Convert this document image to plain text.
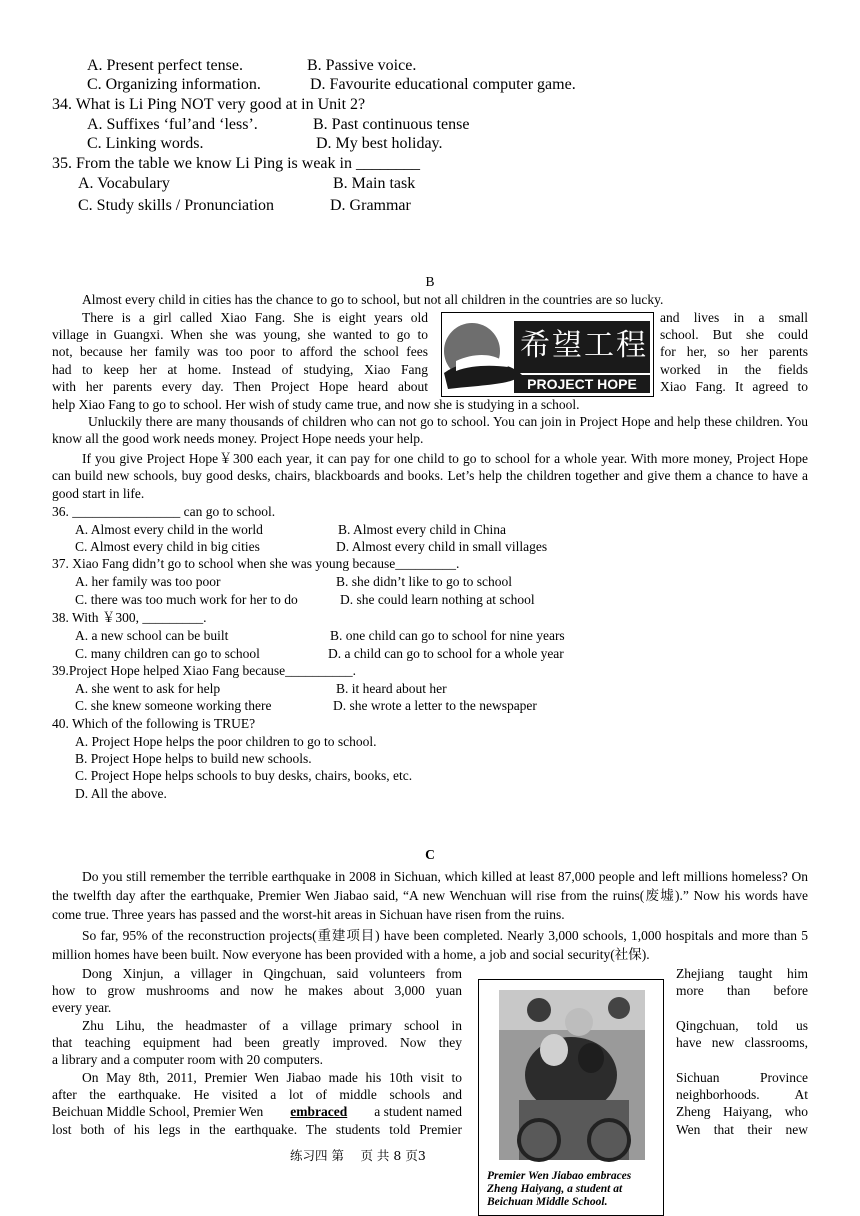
A. Present perfect tense.	B. Passive voice.
C. Organizing information.	D. Favourite educational computer game.
34. What is Li Ping NOT very good at in Unit 2?
A. Suffixes ‘ful’and ‘less’.	B. Past continuous tense
C. Linking words.	D. My best holiday.
35. From the table we know Li Ping is weak in ________
A. Vocabulary	B. Main task
C. Study skills / Pronunciation	D. Grammar
B
Almost every child in cities has the chance to go to school, but not all children in the countries are so lucky.
There is a girl called Xiao Fang. She is eight years old
village in Guangxi. When she was young, she wanted to go to
not, because her family was too poor to afford the school fees
had to keep her at home. Instead of studying, Xiao Fang
with her parents every day. Then Project Hope heard about
and lives in a small
school. But she could
for her, so her parents
worked in the fields
Xiao Fang. It agreed to
help Xiao Fang to go to school. Her wish of study came true, and now she is studying in a school.
希望工程
PROJECT HOPE
Unluckily there are many thousands of children who can not go to school. You can join in Project Hope and help these children. You know all the good work needs money. Project Hope needs your help.
If you give Project Hope￥300 each year, it can pay for one child to go to school for a whole year. With more money, Project Hope can build new schools, buy good desks, chairs, blackboards and books. Let’s help the children together and give them a chance to have a good start in life.
36. ________________ can go to school.
A. Almost every child in the world	B. Almost every child in China
C. Almost every child in big cities	D. Almost every child in small villages
37. Xiao Fang didn’t go to school when she was young because_________.
A. her family was too poor	B. she didn’t like to go to school
C. there was too much work for her to do	D. she could learn nothing at school
38. With ￥300, _________.
A. a new school can be built	B. one child can go to school for nine years
C. many children can go to school	D. a child can go to school for a whole year
39.Project Hope helped Xiao Fang because__________.
A. she went to ask for help	B. it heard about her
C. she knew someone working there	D. she wrote a letter to the newspaper
40. Which of the following is TRUE?
A. Project Hope helps the poor children to go to school.
B. Project Hope helps to build new schools.
C. Project Hope helps schools to buy desks, chairs, books, etc.
D. All the above.
C
Do you still remember the terrible earthquake in 2008 in Sichuan, which killed at least 87,000 people and left millions homeless? On the twelfth day after the earthquake, Premier Wen Jiabao said, “A new Wenchuan will rise from the ruins(废墟).” Now his words have come true. Three years has passed and the worst-hit areas in Sichuan have risen from the ruins.
So far, 95% of the reconstruction projects(重建项目) have been completed. Nearly 3,000 schools, 1,000 hospitals and more than 5 million homes have been built. Now everyone has been provided with a home, a job and social security(社保).
Dong Xinjun, a villager in Qingchuan, said volunteers from
how to grow mushrooms and now he makes about 3,000 yuan
every year.
Zhu Lihu, the headmaster of a village primary school in
that teaching equipment had been greatly improved. Now they
a library and a computer room with 20 computers.
On May 8th, 2011, Premier Wen Jiabao made his 10th visit to
after the earthquake. He visited a lot of middle schools and
Beichuan Middle School, Premier Wen embraced a student named
lost both of his legs in the earthquake. The students told Premier
Zhejiang taught him
more than before
Qingchuan, told us
have new classrooms,
Sichuan Province
neighborhoods. At
Zheng Haiyang, who
Wen that their new
Premier Wen Jiabao embraces Zheng Haiyang, a student at Beichuan Middle School.
练习四 第　 页 共 8 页3
